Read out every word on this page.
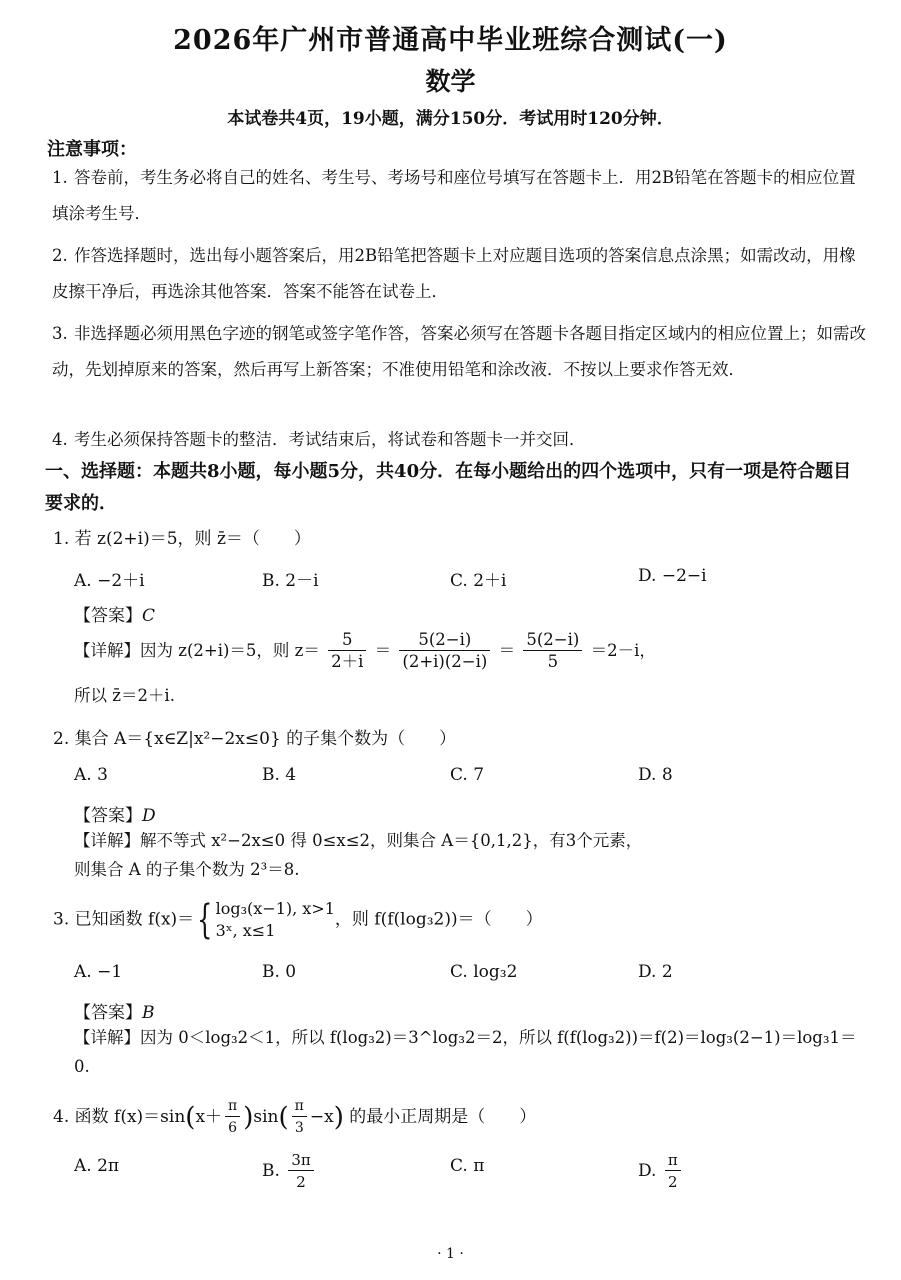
2026年广州市普通高中毕业班综合测试(一)
数学
本试卷共4页，19小题，满分150分．考试用时120分钟．
注意事项：
1. 答卷前，考生务必将自己的姓名、考生号、考场号和座位号填写在答题卡上．用2B铅笔在答题卡的相应位置填涂考生号．
2. 作答选择题时，选出每小题答案后，用2B铅笔把答题卡上对应题目选项的答案信息点涂黑；如需改动，用橡皮擦干净后，再选涂其他答案．答案不能答在试卷上．
3. 非选择题必须用黑色字迹的钢笔或签字笔作答，答案必须写在答题卡各题目指定区域内的相应位置上；如需改动，先划掉原来的答案，然后再写上新答案；不准使用铅笔和涂改液．不按以上要求作答无效．
4. 考生必须保持答题卡的整洁．考试结束后，将试卷和答题卡一并交回．
一、选择题：本题共8小题，每小题5分，共40分．在每小题给出的四个选项中，只有一项是符合题目要求的．
1. 若 z(2+i)＝5，则 z̄＝（　　）
A. −2＋i	B. 2－i	C. 2＋i	D. −2−i
【答案】C
【详解】因为 z(2+i)＝5，则 $z= \frac{5}{2+i} = \frac{5(2-i)}{(2+i)(2-i)} = \frac{5(2-i)}{5} =2-i$，
所以 z̄＝2＋i.
2. 集合 A＝{x∈Z|x²−2x≤0} 的子集个数为（　　）
A. 3	B. 4	C. 7	D. 8
【答案】D
【详解】解不等式 x²−2x≤0 得 0≤x≤2，则集合 A＝{0,1,2}，有3个元素，
则集合 A 的子集个数为 2³＝8.
3. 已知函数 f(x)＝{ log₃(x−1), x>1
3ˣ, x≤1
，则 f(f(log₃2))＝（　　）
A. −1	B. 0	C. log₃2	D. 2
【答案】B
【详解】因为 0＜log₃2＜1，所以 f(log₃2)＝3^log₃2＝2，所以 f(f(log₃2))＝f(2)＝log₃(2−1)＝log₃1＝
0.
4. 函数 $f(x)=\sin(x+ \frac{\pi}{6} )\sin( \frac{\pi}{3} -x)$ 的最小正周期是（　　）
A. 2π	B. $\frac{3\pi}{2}$	C. π	D. $\frac{\pi}{2}$
· 1 ·
